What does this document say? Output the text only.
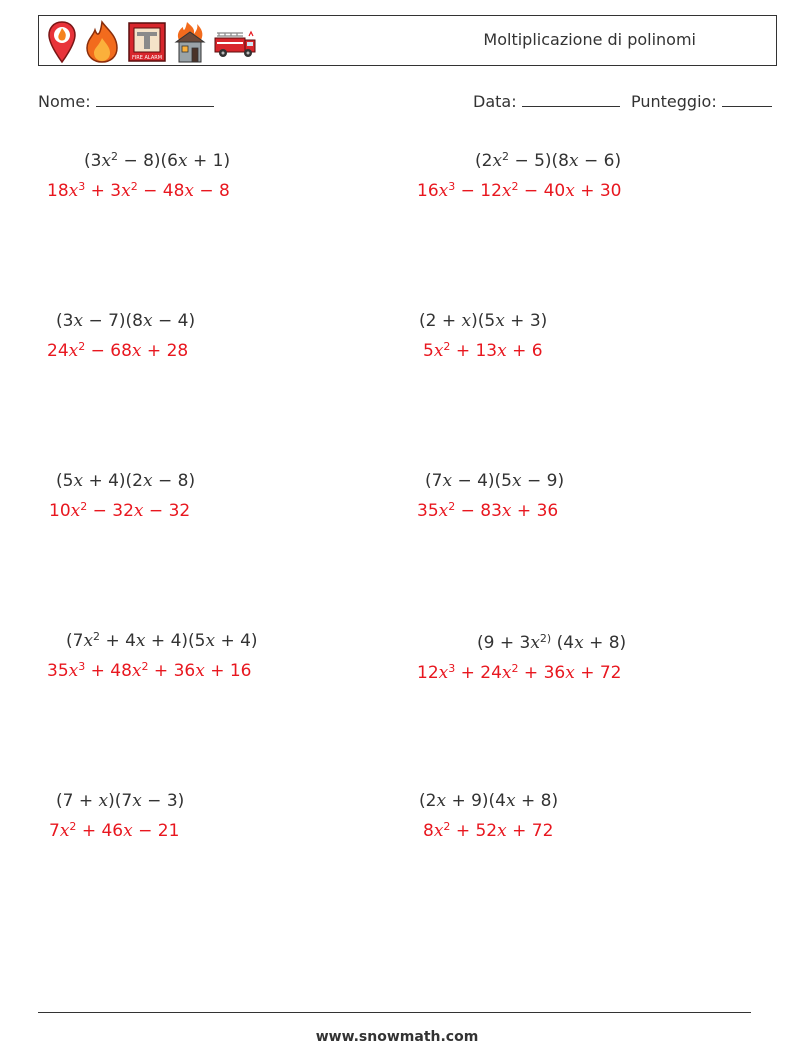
FIRE ALARM
Moltiplicazione di polinomi
Nome:	Data:	Punteggio:
$(3x^2 - 8)(6x + 1)$
$18x^3 + 3x^2 - 48x - 8$
$(2x^2 - 5)(8x - 6)$
$16x^3 - 12x^2 - 40x + 30$
(3x − 7)(8x − 4)
$24x^2 - 68x + 28$
(2 + x)(5x + 3)
$5x^2 + 13x + 6$
(5x + 4)(2x − 8)
$10x^2 - 32x - 32$
(7x − 4)(5x − 9)
$35x^2 - 83x + 36$
$(7x^2 + 4x + 4)(5x + 4)$
$35x^3 + 48x^2 + 36x + 16$
($9 + 3x^{2)}$ (4x + 8)
$12x^3 + 24x^2 + 36x + 72$
(7 + x)(7x − 3)
$7x^2 + 46x - 21$
(2x + 9)(4x + 8)
$8x^2 + 52x + 72$
www.snowmath.com
